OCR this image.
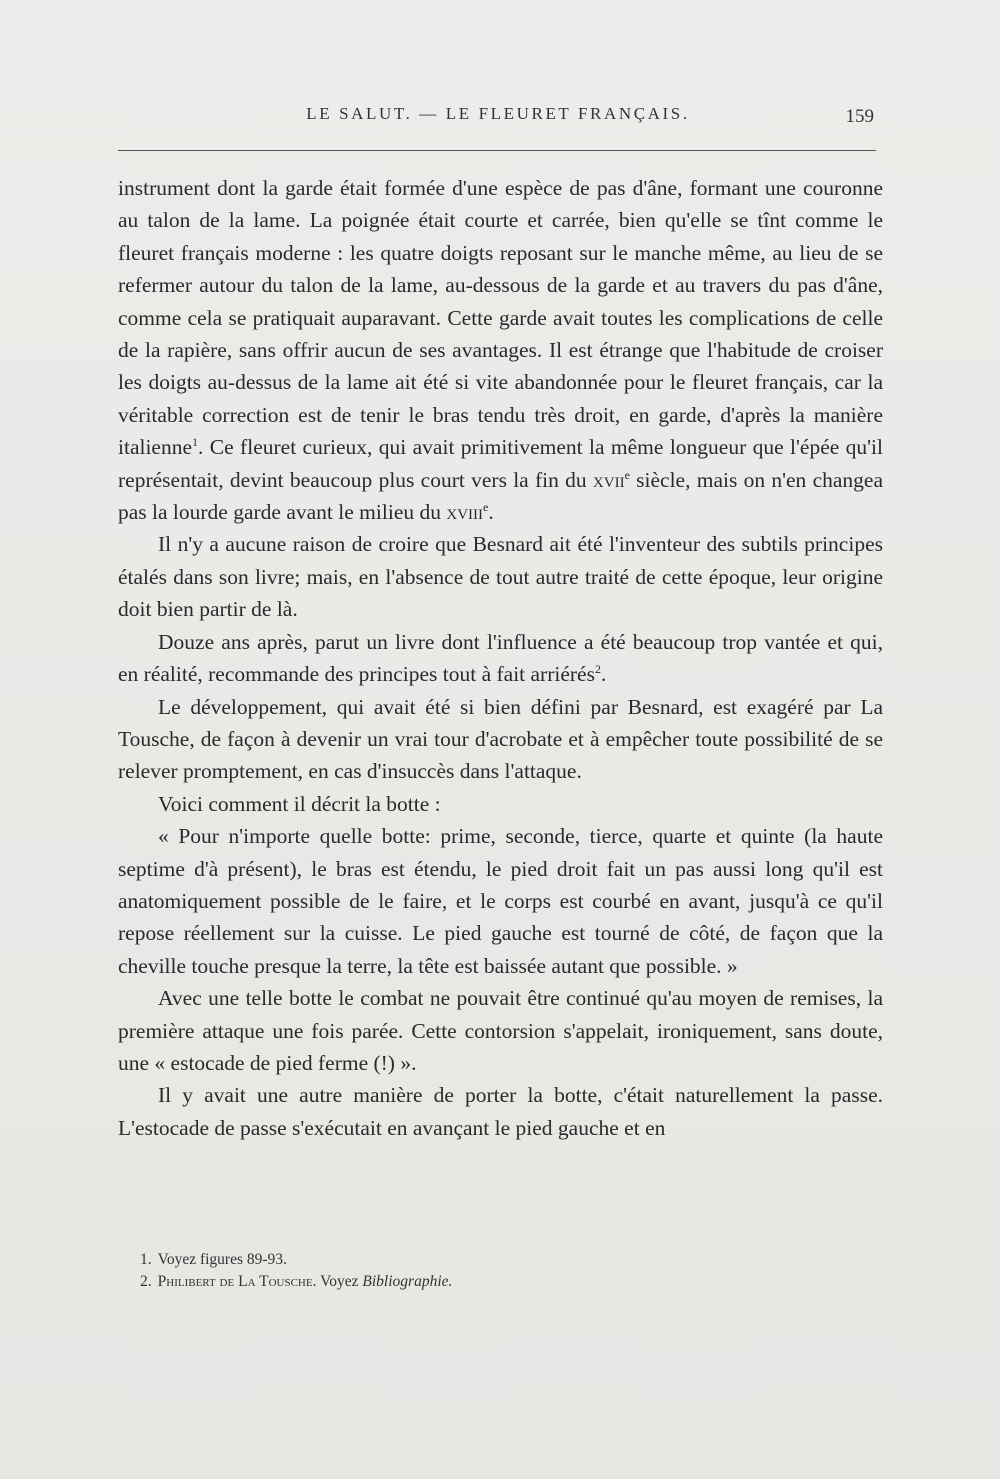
LE SALUT. — LE FLEURET FRANÇAIS.	159

instrument dont la garde était formée d'une espèce de pas d'âne, formant une couronne au talon de la lame. La poignée était courte et carrée, bien qu'elle se tînt comme le fleuret français moderne : les quatre doigts reposant sur le manche même, au lieu de se refermer autour du talon de la lame, au-dessous de la garde et au travers du pas d'âne, comme cela se pratiquait auparavant. Cette garde avait toutes les complications de celle de la rapière, sans offrir aucun de ses avantages. Il est étrange que l'habitude de croiser les doigts au-dessus de la lame ait été si vite abandonnée pour le fleuret français, car la véritable correction est de tenir le bras tendu très droit, en garde, d'après la manière italienne$^1$. Ce fleuret curieux, qui avait primitivement la même longueur que l'épée qu'il représentait, devint beaucoup plus court vers la fin du xvii$^e$ siècle, mais on n'en changea pas la lourde garde avant le milieu du xviii$^e$.

Il n'y a aucune raison de croire que Besnard ait été l'inventeur des subtils principes étalés dans son livre; mais, en l'absence de tout autre traité de cette époque, leur origine doit bien partir de là.

Douze ans après, parut un livre dont l'influence a été beaucoup trop vantée et qui, en réalité, recommande des principes tout à fait arriérés$^2$.

Le développement, qui avait été si bien défini par Besnard, est exagéré par La Tousche, de façon à devenir un vrai tour d'acrobate et à empêcher toute possibilité de se relever promptement, en cas d'insuccès dans l'attaque.

Voici comment il décrit la botte :

« Pour n'importe quelle botte: prime, seconde, tierce, quarte et quinte (la haute septime d'à présent), le bras est étendu, le pied droit fait un pas aussi long qu'il est anatomiquement possible de le faire, et le corps est courbé en avant, jusqu'à ce qu'il repose réellement sur la cuisse. Le pied gauche est tourné de côté, de façon que la cheville touche presque la terre, la tête est baissée autant que possible. »

Avec une telle botte le combat ne pouvait être continué qu'au moyen de remises, la première attaque une fois parée. Cette contorsion s'appelait, ironiquement, sans doute, une « estocade de pied ferme (!) ».

Il y avait une autre manière de porter la botte, c'était naturellement la passe. L'estocade de passe s'exécutait en avançant le pied gauche et en

1. Voyez figures 89-93.
2. Philibert de La Tousche. Voyez Bibliographie.
